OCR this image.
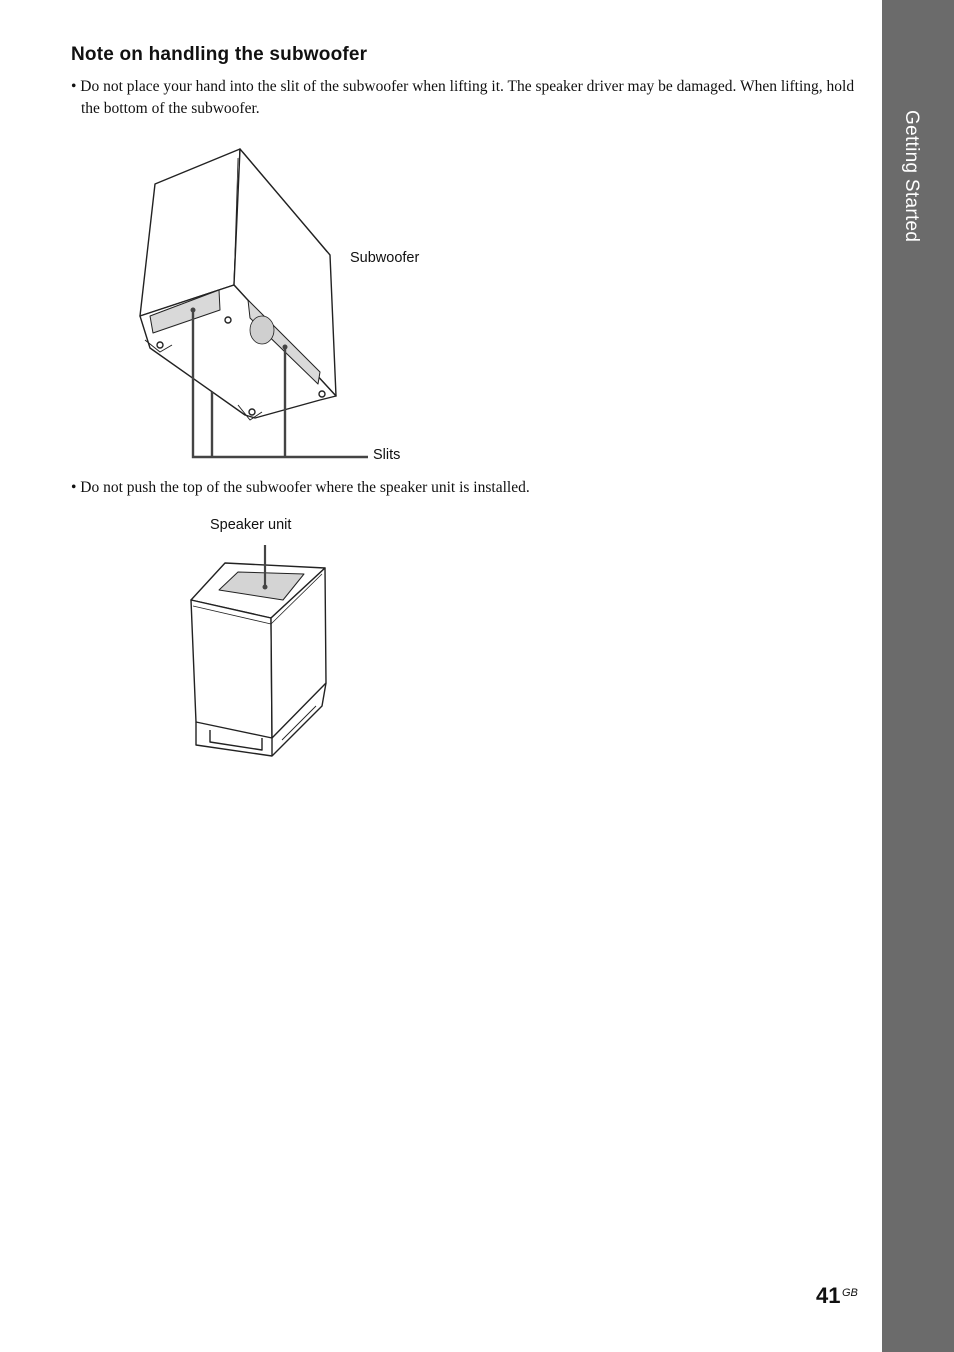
Getting Started
Note on handling the subwoofer

• Do not place your hand into the slit of the subwoofer when lifting it. The speaker driver may be damaged. When lifting, hold the bottom of the subwoofer.

Subwoofer
Slits

• Do not push the top of the subwoofer where the speaker unit is installed.

Speaker unit
41 GB
